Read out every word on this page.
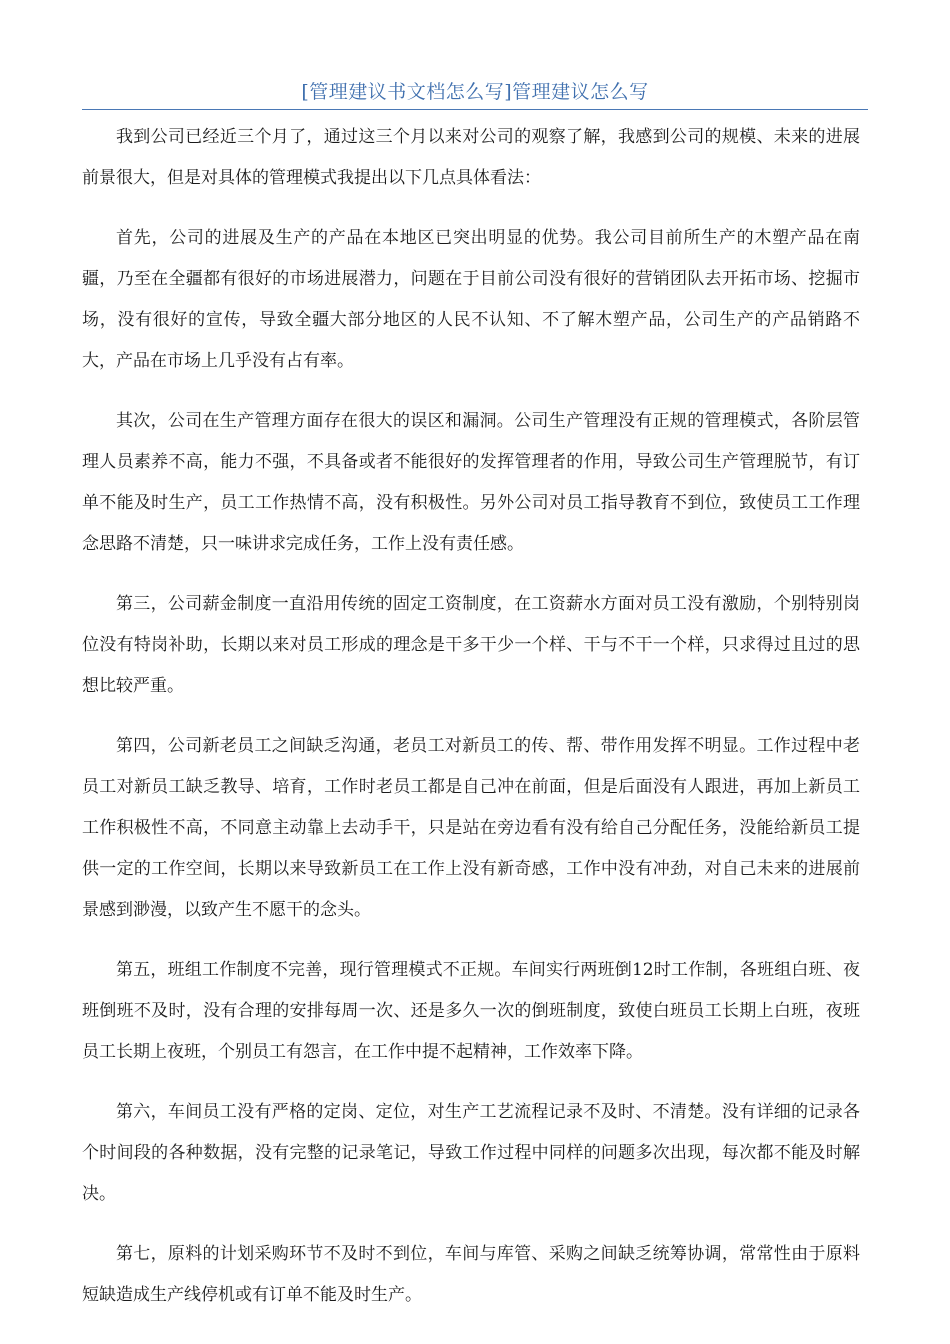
[管理建议书文档怎么写]管理建议怎么写

我到公司已经近三个月了，通过这三个月以来对公司的观察了解，我感到公司的规模、未来的进展前景很大，但是对具体的管理模式我提出以下几点具体看法：

首先，公司的进展及生产的产品在本地区已突出明显的优势。我公司目前所生产的木塑产品在南疆，乃至在全疆都有很好的市场进展潜力，问题在于目前公司没有很好的营销团队去开拓市场、挖掘市场，没有很好的宣传，导致全疆大部分地区的人民不认知、不了解木塑产品，公司生产的产品销路不大，产品在市场上几乎没有占有率。

其次，公司在生产管理方面存在很大的误区和漏洞。公司生产管理没有正规的管理模式，各阶层管理人员素养不高，能力不强，不具备或者不能很好的发挥管理者的作用，导致公司生产管理脱节，有订单不能及时生产，员工工作热情不高，没有积极性。另外公司对员工指导教育不到位，致使员工工作理念思路不清楚，只一味讲求完成任务，工作上没有责任感。

第三，公司薪金制度一直沿用传统的固定工资制度，在工资薪水方面对员工没有激励，个别特别岗位没有特岗补助，长期以来对员工形成的理念是干多干少一个样、干与不干一个样，只求得过且过的思想比较严重。

第四，公司新老员工之间缺乏沟通，老员工对新员工的传、帮、带作用发挥不明显。工作过程中老员工对新员工缺乏教导、培育，工作时老员工都是自己冲在前面，但是后面没有人跟进，再加上新员工工作积极性不高，不同意主动靠上去动手干，只是站在旁边看有没有给自己分配任务，没能给新员工提供一定的工作空间，长期以来导致新员工在工作上没有新奇感，工作中没有冲劲，对自己未来的进展前景感到渺漫，以致产生不愿干的念头。

第五，班组工作制度不完善，现行管理模式不正规。车间实行两班倒12时工作制，各班组白班、夜班倒班不及时，没有合理的安排每周一次、还是多久一次的倒班制度，致使白班员工长期上白班，夜班员工长期上夜班，个别员工有怨言，在工作中提不起精神，工作效率下降。

第六，车间员工没有严格的定岗、定位，对生产工艺流程记录不及时、不清楚。没有详细的记录各个时间段的各种数据，没有完整的记录笔记，导致工作过程中同样的问题多次出现，每次都不能及时解决。

第七，原料的计划采购环节不及时不到位，车间与库管、采购之间缺乏统筹协调，常常性由于原料短缺造成生产线停机或有订单不能及时生产。
